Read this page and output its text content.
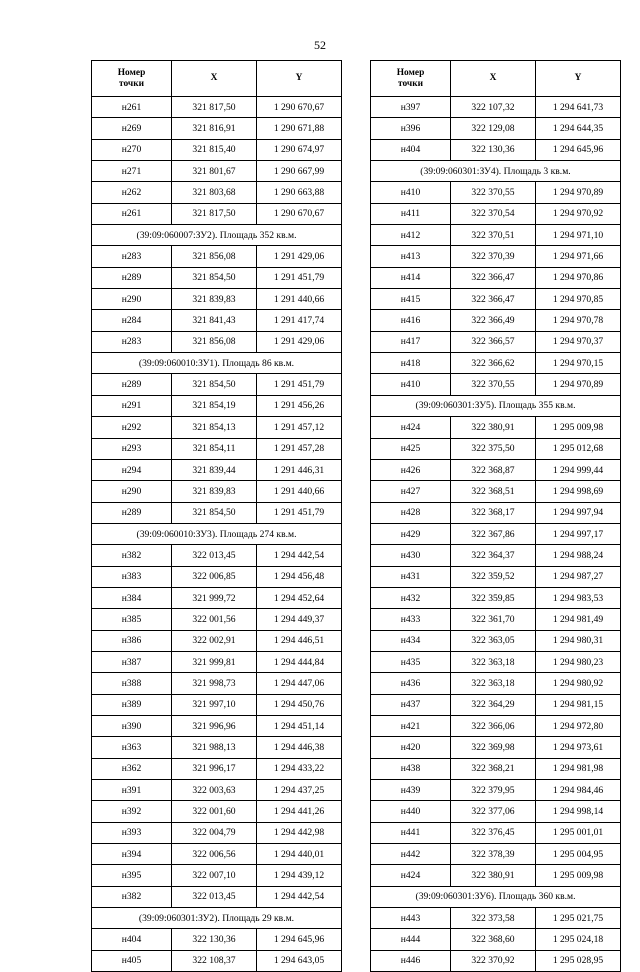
52
Номер
точки	X	Y
н261	321 817,50	1 290 670,67
н269	321 816,91	1 290 671,88
н270	321 815,40	1 290 674,97
н271	321 801,67	1 290 667,99
н262	321 803,68	1 290 663,88
н261	321 817,50	1 290 670,67
(39:09:060007:ЗУ2). Площадь 352 кв.м.		
н283	321 856,08	1 291 429,06
н289	321 854,50	1 291 451,79
н290	321 839,83	1 291 440,66
н284	321 841,43	1 291 417,74
н283	321 856,08	1 291 429,06
(39:09:060010:ЗУ1). Площадь 86 кв.м.		
н289	321 854,50	1 291 451,79
н291	321 854,19	1 291 456,26
н292	321 854,13	1 291 457,12
н293	321 854,11	1 291 457,28
н294	321 839,44	1 291 446,31
н290	321 839,83	1 291 440,66
н289	321 854,50	1 291 451,79
(39:09:060010:ЗУ3). Площадь 274 кв.м.		
н382	322 013,45	1 294 442,54
н383	322 006,85	1 294 456,48
н384	321 999,72	1 294 452,64
н385	322 001,56	1 294 449,37
н386	322 002,91	1 294 446,51
н387	321 999,81	1 294 444,84
н388	321 998,73	1 294 447,06
н389	321 997,10	1 294 450,76
н390	321 996,96	1 294 451,14
н363	321 988,13	1 294 446,38
н362	321 996,17	1 294 433,22
н391	322 003,63	1 294 437,25
н392	322 001,60	1 294 441,26
н393	322 004,79	1 294 442,98
н394	322 006,56	1 294 440,01
н395	322 007,10	1 294 439,12
н382	322 013,45	1 294 442,54
(39:09:060301:ЗУ2). Площадь 29 кв.м.		
н404	322 130,36	1 294 645,96
н405	322 108,37	1 294 643,05
Номер
точки	X	Y
н397	322 107,32	1 294 641,73
н396	322 129,08	1 294 644,35
н404	322 130,36	1 294 645,96
(39:09:060301:ЗУ4). Площадь 3 кв.м.		
н410	322 370,55	1 294 970,89
н411	322 370,54	1 294 970,92
н412	322 370,51	1 294 971,10
н413	322 370,39	1 294 971,66
н414	322 366,47	1 294 970,86
н415	322 366,47	1 294 970,85
н416	322 366,49	1 294 970,78
н417	322 366,57	1 294 970,37
н418	322 366,62	1 294 970,15
н410	322 370,55	1 294 970,89
(39:09:060301:ЗУ5). Площадь 355 кв.м.		
н424	322 380,91	1 295 009,98
н425	322 375,50	1 295 012,68
н426	322 368,87	1 294 999,44
н427	322 368,51	1 294 998,69
н428	322 368,17	1 294 997,94
н429	322 367,86	1 294 997,17
н430	322 364,37	1 294 988,24
н431	322 359,52	1 294 987,27
н432	322 359,85	1 294 983,53
н433	322 361,70	1 294 981,49
н434	322 363,05	1 294 980,31
н435	322 363,18	1 294 980,23
н436	322 363,18	1 294 980,92
н437	322 364,29	1 294 981,15
н421	322 366,06	1 294 972,80
н420	322 369,98	1 294 973,61
н438	322 368,21	1 294 981,98
н439	322 379,95	1 294 984,46
н440	322 377,06	1 294 998,14
н441	322 376,45	1 295 001,01
н442	322 378,39	1 295 004,95
н424	322 380,91	1 295 009,98
(39:09:060301:ЗУ6). Площадь 360 кв.м.		
н443	322 373,58	1 295 021,75
н444	322 368,60	1 295 024,18
н446	322 370,92	1 295 028,95
